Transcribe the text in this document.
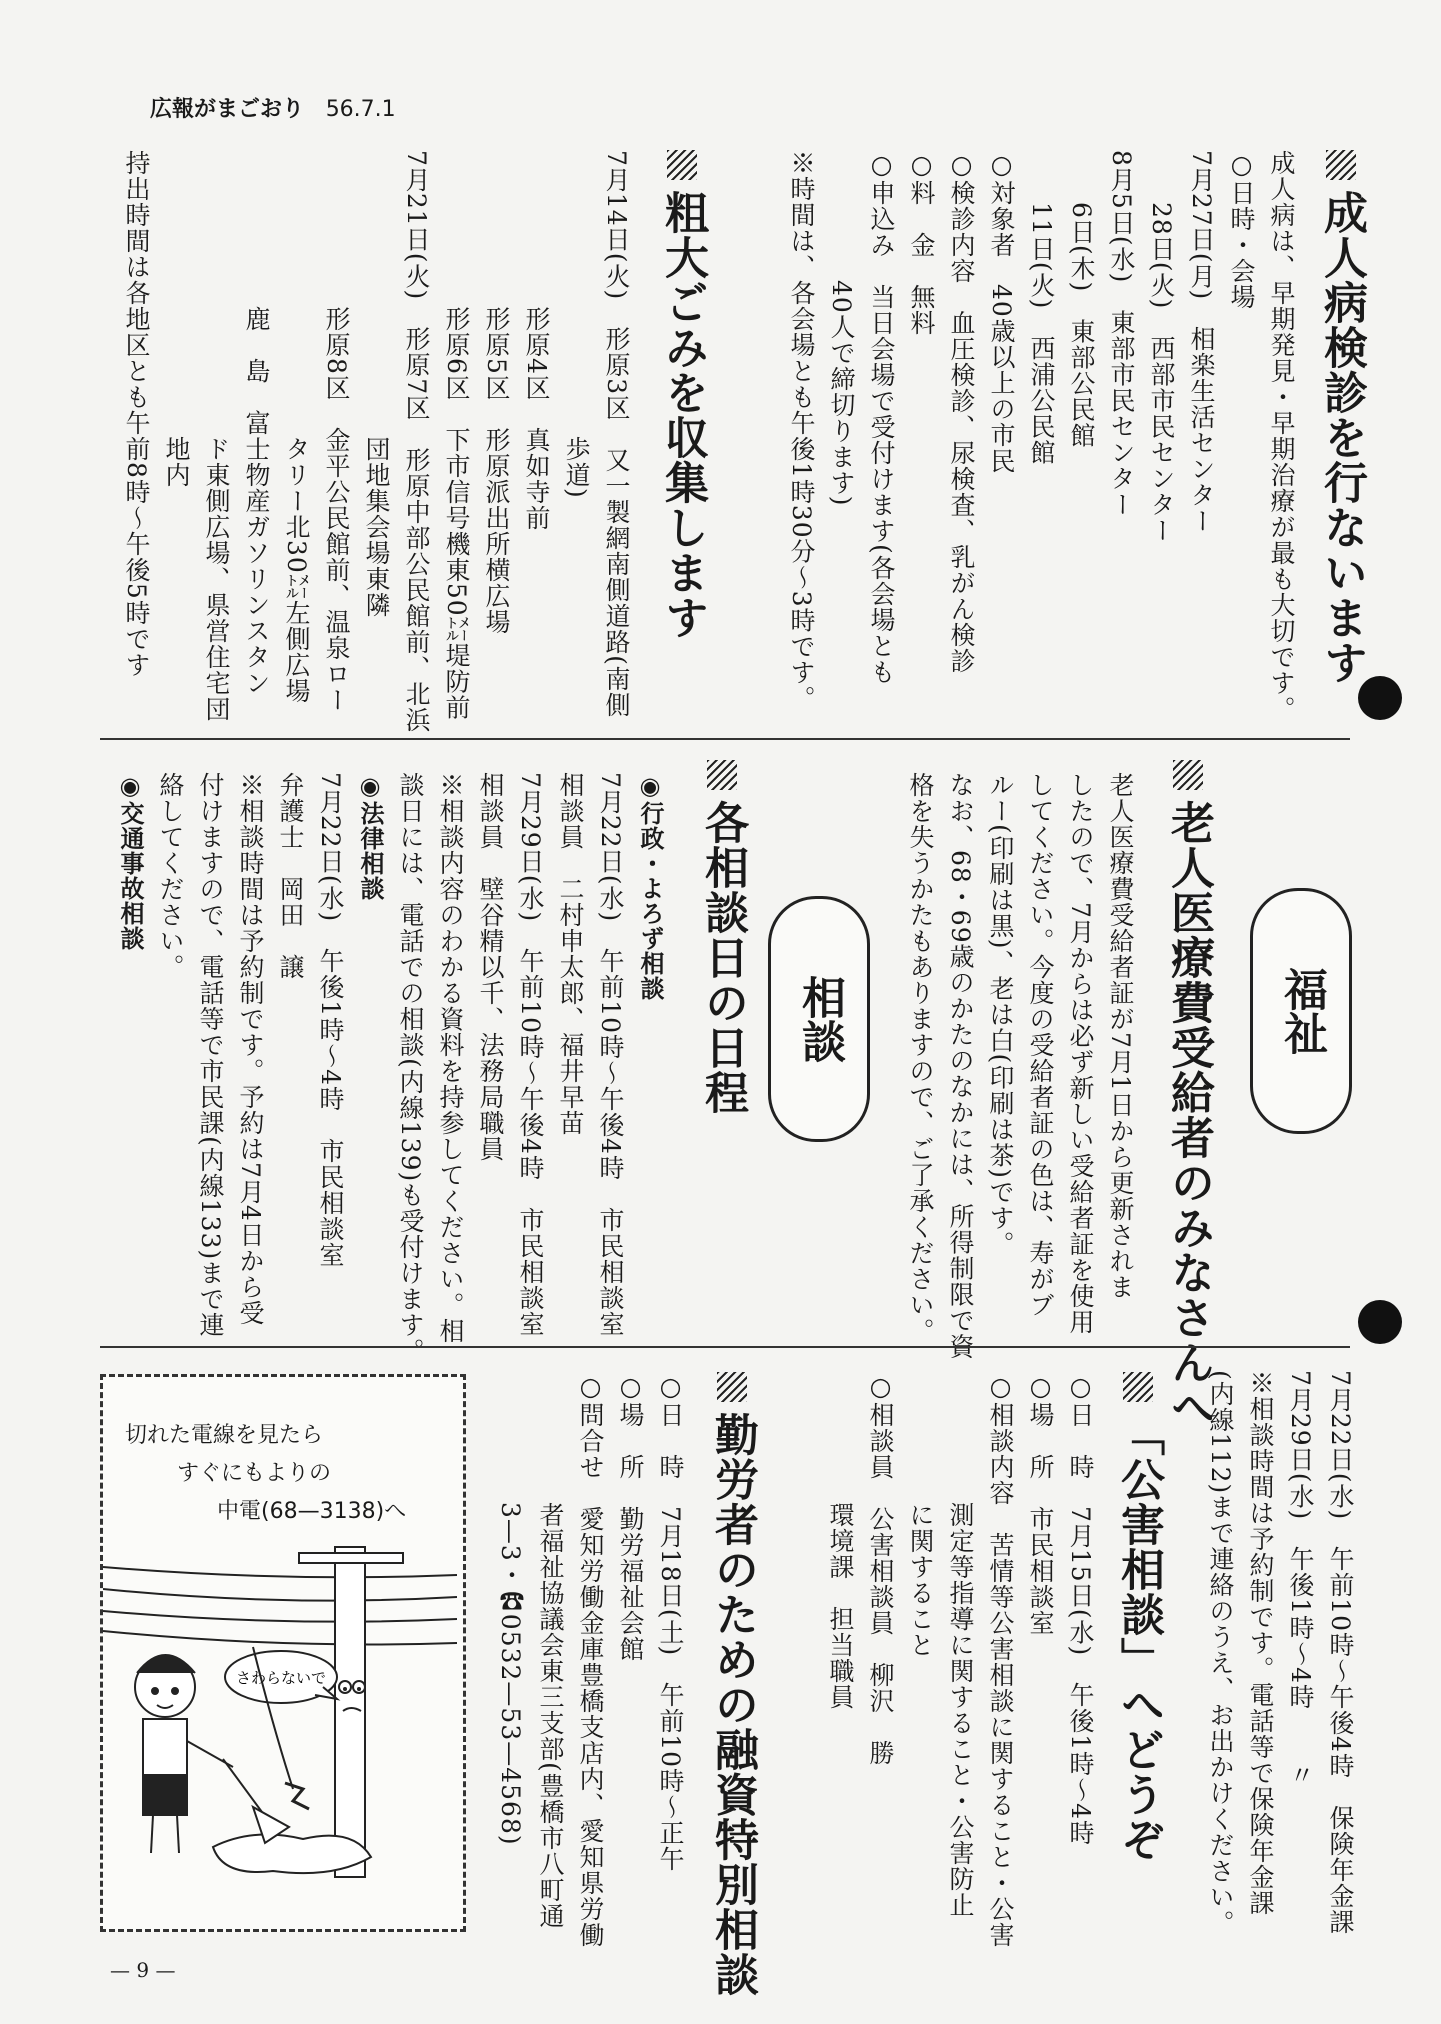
広報がまごおり 56.7.1
成人病検診を行ないます
成人病は、早期発見・早期治療が最も大切です。
○日時・会場
7月27日(月)　相楽生活センター
　　28日(火)　西部市民センター
8月5日(水)　東部市民センター
　　6日(木)　東部公民館
　　11日(火)　西浦公民館
○対象者　40歳以上の市民
○検診内容　血圧検診、尿検査、乳がん検診
○料　金　無料
○申込み　当日会場で受付けます(各会場とも
　　　　　40人で締切ります)
※時間は、各会場とも午後1時30分〜3時です。
粗大ごみを収集します
7月14日(火)　形原3区　又一製網南側道路(南側
　　　　　　　　　　　歩道)
　　　　　　形原4区　真如寺前
　　　　　　形原5区　形原派出所横広場
　　　　　　形原6区　下市信号機東50㍍堤防前
7月21日(火)　形原7区　形原中部公民館前、北浜
　　　　　　　　　　　団地集会場東隣
　　　　　　形原8区　金平公民館前、温泉ロー
　　　　　　　　　　　タリー北30㍍左側広場
　　　　　　鹿　島　富士物産ガソリンスタン
　　　　　　　　　　　ド東側広場、県営住宅団
　　　　　　　　　　　地内
持出時間は各地区とも午前8時〜午後5時です
福祉
老人医療費受給者のみなさんへ
老人医療費受給者証が7月1日から更新されま
したので、7月からは必ず新しい受給者証を使用
してください。今度の受給者証の色は、寿がブ
ルー(印刷は黒)、老は白(印刷は茶)です。
なお、68・69歳のかたのなかには、所得制限で資
格を失うかたもありますので、ご了承ください。
相談
各相談日の日程
◉行政・よろず相談
7月22日(水)　午前10時〜午後4時　市民相談室
相談員　二村申太郎、福井早苗
7月29日(水)　午前10時〜午後4時　市民相談室
相談員　壁谷精以千、法務局職員
※相談内容のわかる資料を持参してください。相
談日には、電話での相談(内線139)も受付けます。
◉法律相談
7月22日(水)　午後1時〜4時　市民相談室
弁護士　岡田　譲
※相談時間は予約制です。予約は7月4日から受
付けますので、電話等で市民課(内線133)まで連
絡してください。
◉交通事故相談
7月22日(水)　午前10時〜午後4時　保険年金課
7月29日(水)　午後1時〜4時　　〃
※相談時間は予約制です。電話等で保険年金課
(内線112)まで連絡のうえ、お出かけください。
「公害相談」へどうぞ
○日　時　7月15日(水)　午後1時〜4時
○場　所　市民相談室
○相談内容　苦情等公害相談に関すること・公害
　　　　　測定等指導に関すること・公害防止
　　　　　に関すること
○相談員　公害相談員　柳沢　勝
　　　　　環境課　担当職員
勤労者のための融資特別相談
○日　時　7月18日(土)　午前10時〜正午
○場　所　勤労福祉会館
○問合せ　愛知労働金庫豊橋支店内、愛知県労働
　　　　　者福祉協議会東三支部(豊橋市八町通
　　　　　3—3・☎0532—53—4568)
切れた電線を見たら
すぐにもよりの
中電(68—3138)へ
さわらないで
— 9 —
